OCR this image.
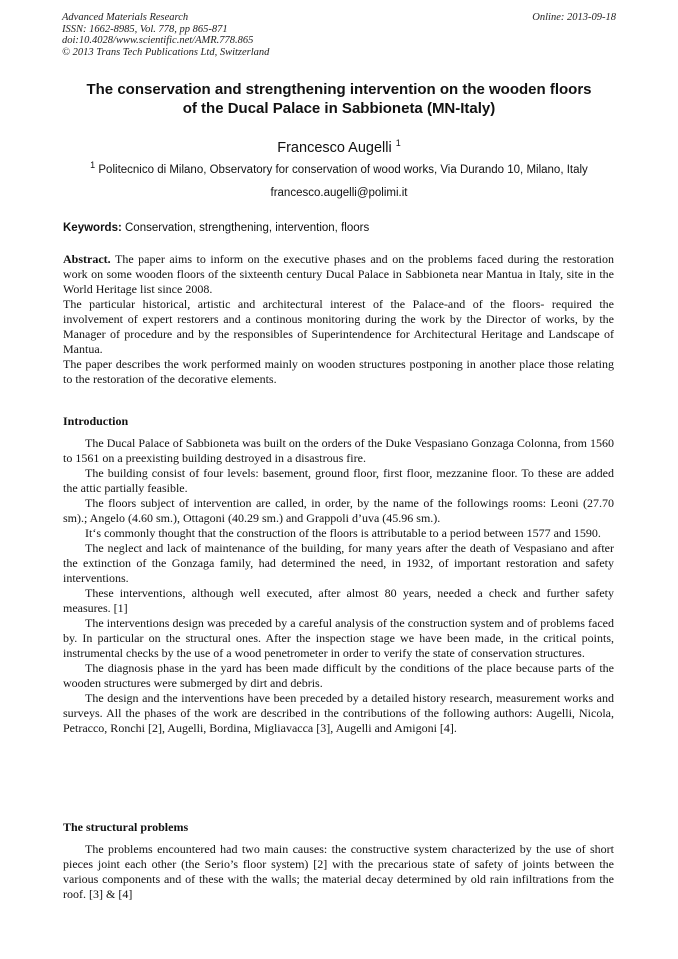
Advanced Materials Research
ISSN: 1662-8985, Vol. 778, pp 865-871
doi:10.4028/www.scientific.net/AMR.778.865
© 2013 Trans Tech Publications Ltd, Switzerland
Online: 2013-09-18
The conservation and strengthening intervention on the wooden floors
of the Ducal Palace in Sabbioneta (MN-Italy)
Francesco Augelli $^1$
$^1$ Politecnico di Milano, Observatory for conservation of wood works, Via Durando 10, Milano, Italy
francesco.augelli@polimi.it
Keywords: Conservation, strengthening, intervention, floors

Abstract. The paper aims to inform on the executive phases and on the problems faced during the restoration work on some wooden floors of the sixteenth century Ducal Palace in Sabbioneta near Mantua in Italy, site in the World Heritage list since 2008.

The particular historical, artistic and architectural interest of the Palace-and of the floors- required the involvement of expert restorers and a continous monitoring during the work by the Director of works, by the Manager of procedure and by the responsibles of Superintendence for Architectural Heritage and Landscape of Mantua.

The paper describes the work performed mainly on wooden structures postponing in another place those relating to the restoration of the decorative elements.

Introduction

The Ducal Palace of Sabbioneta was built on the orders of the Duke Vespasiano Gonzaga Colonna, from 1560 to 1561 on a preexisting building destroyed in a disastrous fire.

The building consist of four levels: basement, ground floor, first floor, mezzanine floor. To these are added the attic partially feasible.

The floors subject of intervention are called, in order, by the name of the followings rooms: Leoni (27.70 sm).; Angelo (4.60 sm.), Ottagoni (40.29 sm.) and Grappoli d’uva (45.96 sm.).

It‘s commonly thought that the construction of the floors is attributable to a period between 1577 and 1590.

The neglect and lack of maintenance of the building, for many years after the death of Vespasiano and after the extinction of the Gonzaga family, had determined the need, in 1932, of important restoration and safety interventions.

These interventions, although well executed, after almost 80 years, needed a check and further safety measures. [1]

The interventions design was preceded by a careful analysis of the construction system and of problems faced by. In particular on the structural ones. After the inspection stage we have been made, in the critical points, instrumental checks by the use of a wood penetrometer in order to verify the state of conservation structures.

The diagnosis phase in the yard has been made difficult by the conditions of the place because parts of the wooden structures were submerged by dirt and debris.

The design and the interventions have been preceded by a detailed history research, measurement works and surveys. All the phases of the work are described in the contributions of the following authors: Augelli, Nicola, Petracco, Ronchi [2], Augelli, Bordina, Migliavacca [3], Augelli and Amigoni [4].

The structural problems

The problems encountered had two main causes: the constructive system characterized by the use of short pieces joint each other (the Serio’s floor system) [2] with the precarious state of safety of joints between the various components and of these with the walls; the material decay determined by old rain infiltrations from the roof. [3] & [4]
